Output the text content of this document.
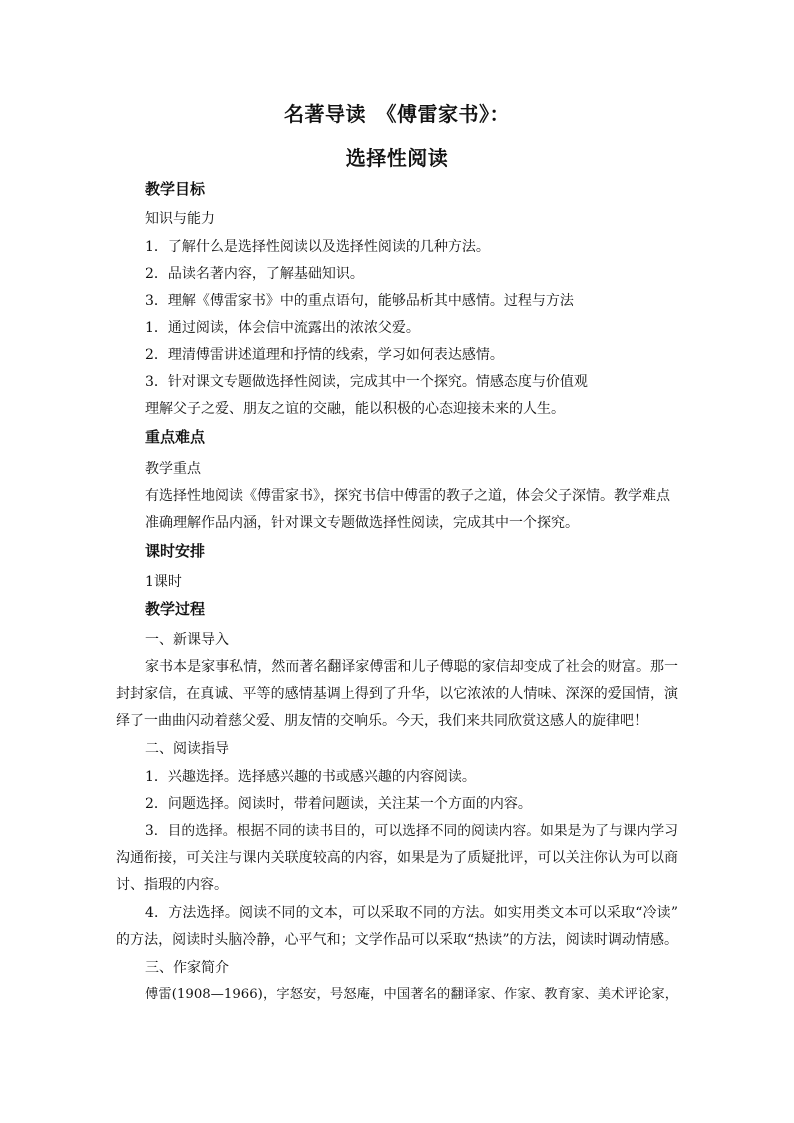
名著导读　《傅雷家书》：
选择性阅读
教学目标
知识与能力
1．了解什么是选择性阅读以及选择性阅读的几种方法。
2．品读名著内容，了解基础知识。
3．理解《傅雷家书》中的重点语句，能够品析其中感情。过程与方法
1．通过阅读，体会信中流露出的浓浓父爱。
2．理清傅雷讲述道理和抒情的线索，学习如何表达感情。
3．针对课文专题做选择性阅读，完成其中一个探究。情感态度与价值观
理解父子之爱、朋友之谊的交融，能以积极的心态迎接未来的人生。
重点难点
教学重点
有选择性地阅读《傅雷家书》，探究书信中傅雷的教子之道，体会父子深情。教学难点
准确理解作品内涵，针对课文专题做选择性阅读，完成其中一个探究。
课时安排
1课时
教学过程
一、新课导入
家书本是家事私情，然而著名翻译家傅雷和儿子傅聪的家信却变成了社会的财富。那一
封封家信，在真诚、平等的感情基调上得到了升华，以它浓浓的人情味、深深的爱国情，演
绎了一曲曲闪动着慈父爱、朋友情的交响乐。今天，我们来共同欣赏这感人的旋律吧！
二、阅读指导
1．兴趣选择。选择感兴趣的书或感兴趣的内容阅读。
2．问题选择。阅读时，带着问题读，关注某一个方面的内容。
3．目的选择。根据不同的读书目的，可以选择不同的阅读内容。如果是为了与课内学习
沟通衔接，可关注与课内关联度较高的内容，如果是为了质疑批评，可以关注你认为可以商
讨、指瑕的内容。
4．方法选择。阅读不同的文本，可以采取不同的方法。如实用类文本可以采取“冷读”
的方法，阅读时头脑冷静，心平气和；文学作品可以采取“热读”的方法，阅读时调动情感。
三、作家简介
傅雷(1908—1966)，字怒安，号怒庵，中国著名的翻译家、作家、教育家、美术评论家，
